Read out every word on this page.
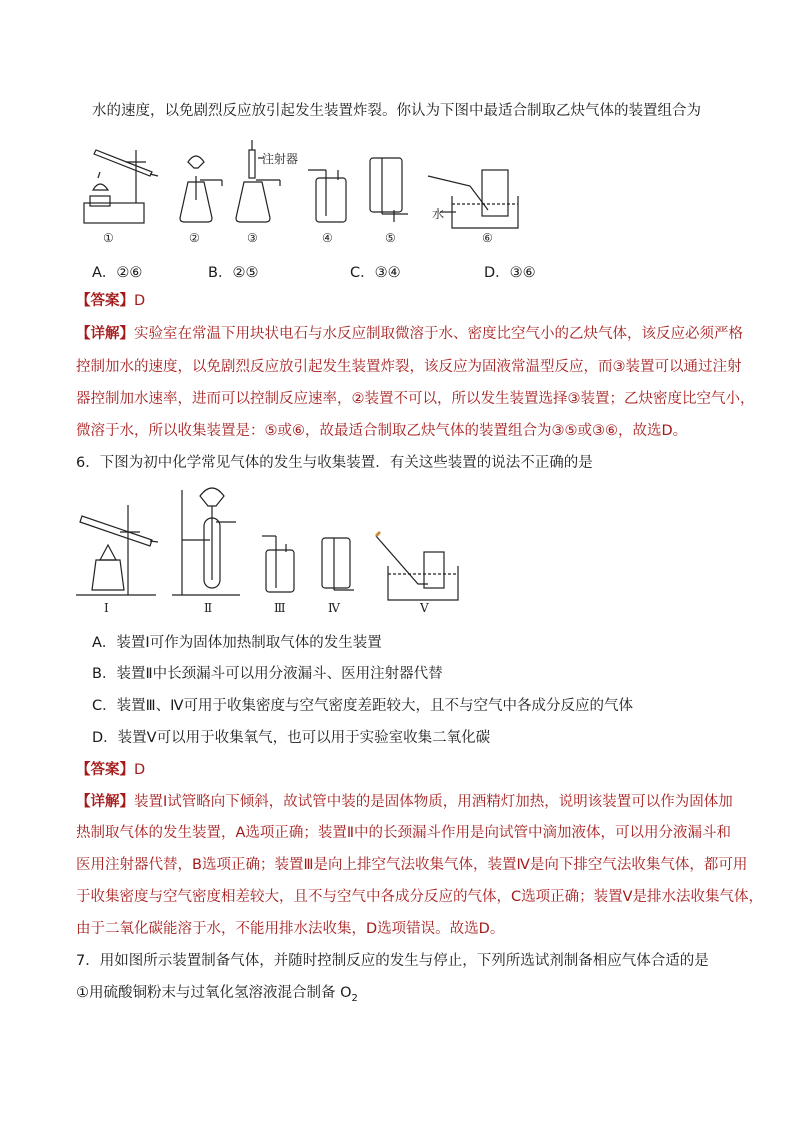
水的速度，以免剧烈反应放引起发生装置炸裂。你认为下图中最适合制取乙炔气体的装置组合为
注射器
水
①	②	③	④	⑤	⑥
A．②⑥	B．②⑤	C．③④	D．③⑥
【答案】D
【详解】实验室在常温下用块状电石与水反应制取微溶于水、密度比空气小的乙炔气体，该反应必须严格
控制加水的速度，以免剧烈反应放引起发生装置炸裂，该反应为固液常温型反应，而③装置可以通过注射
器控制加水速率，进而可以控制反应速率，②装置不可以，所以发生装置选择③装置；乙炔密度比空气小，
微溶于水，所以收集装置是：⑤或⑥，故最适合制取乙炔气体的装置组合为③⑤或③⑥，故选D。
6．下图为初中化学常见气体的发生与收集装置．有关这些装置的说法不正确的是
Ⅰ	Ⅱ	Ⅲ	Ⅳ	Ⅴ
A．装置Ⅰ可作为固体加热制取气体的发生装置
B．装置Ⅱ中长颈漏斗可以用分液漏斗、医用注射器代替
C．装置Ⅲ、Ⅳ可用于收集密度与空气密度差距较大，且不与空气中各成分反应的气体
D．装置Ⅴ可以用于收集氧气，也可以用于实验室收集二氧化碳
【答案】D
【详解】装置Ⅰ试管略向下倾斜，故试管中装的是固体物质，用酒精灯加热，说明该装置可以作为固体加
热制取气体的发生装置，A选项正确；装置Ⅱ中的长颈漏斗作用是向试管中滴加液体，可以用分液漏斗和
医用注射器代替，B选项正确；装置Ⅲ是向上排空气法收集气体，装置Ⅳ是向下排空气法收集气体，都可用
于收集密度与空气密度相差较大，且不与空气中各成分反应的气体，C选项正确；装置Ⅴ是排水法收集气体，
由于二氧化碳能溶于水，不能用排水法收集，D选项错误。故选D。
7．用如图所示装置制备气体，并随时控制反应的发生与停止，下列所选试剂制备相应气体合适的是
①用硫酸铜粉末与过氧化氢溶液混合制备 $O_2$
